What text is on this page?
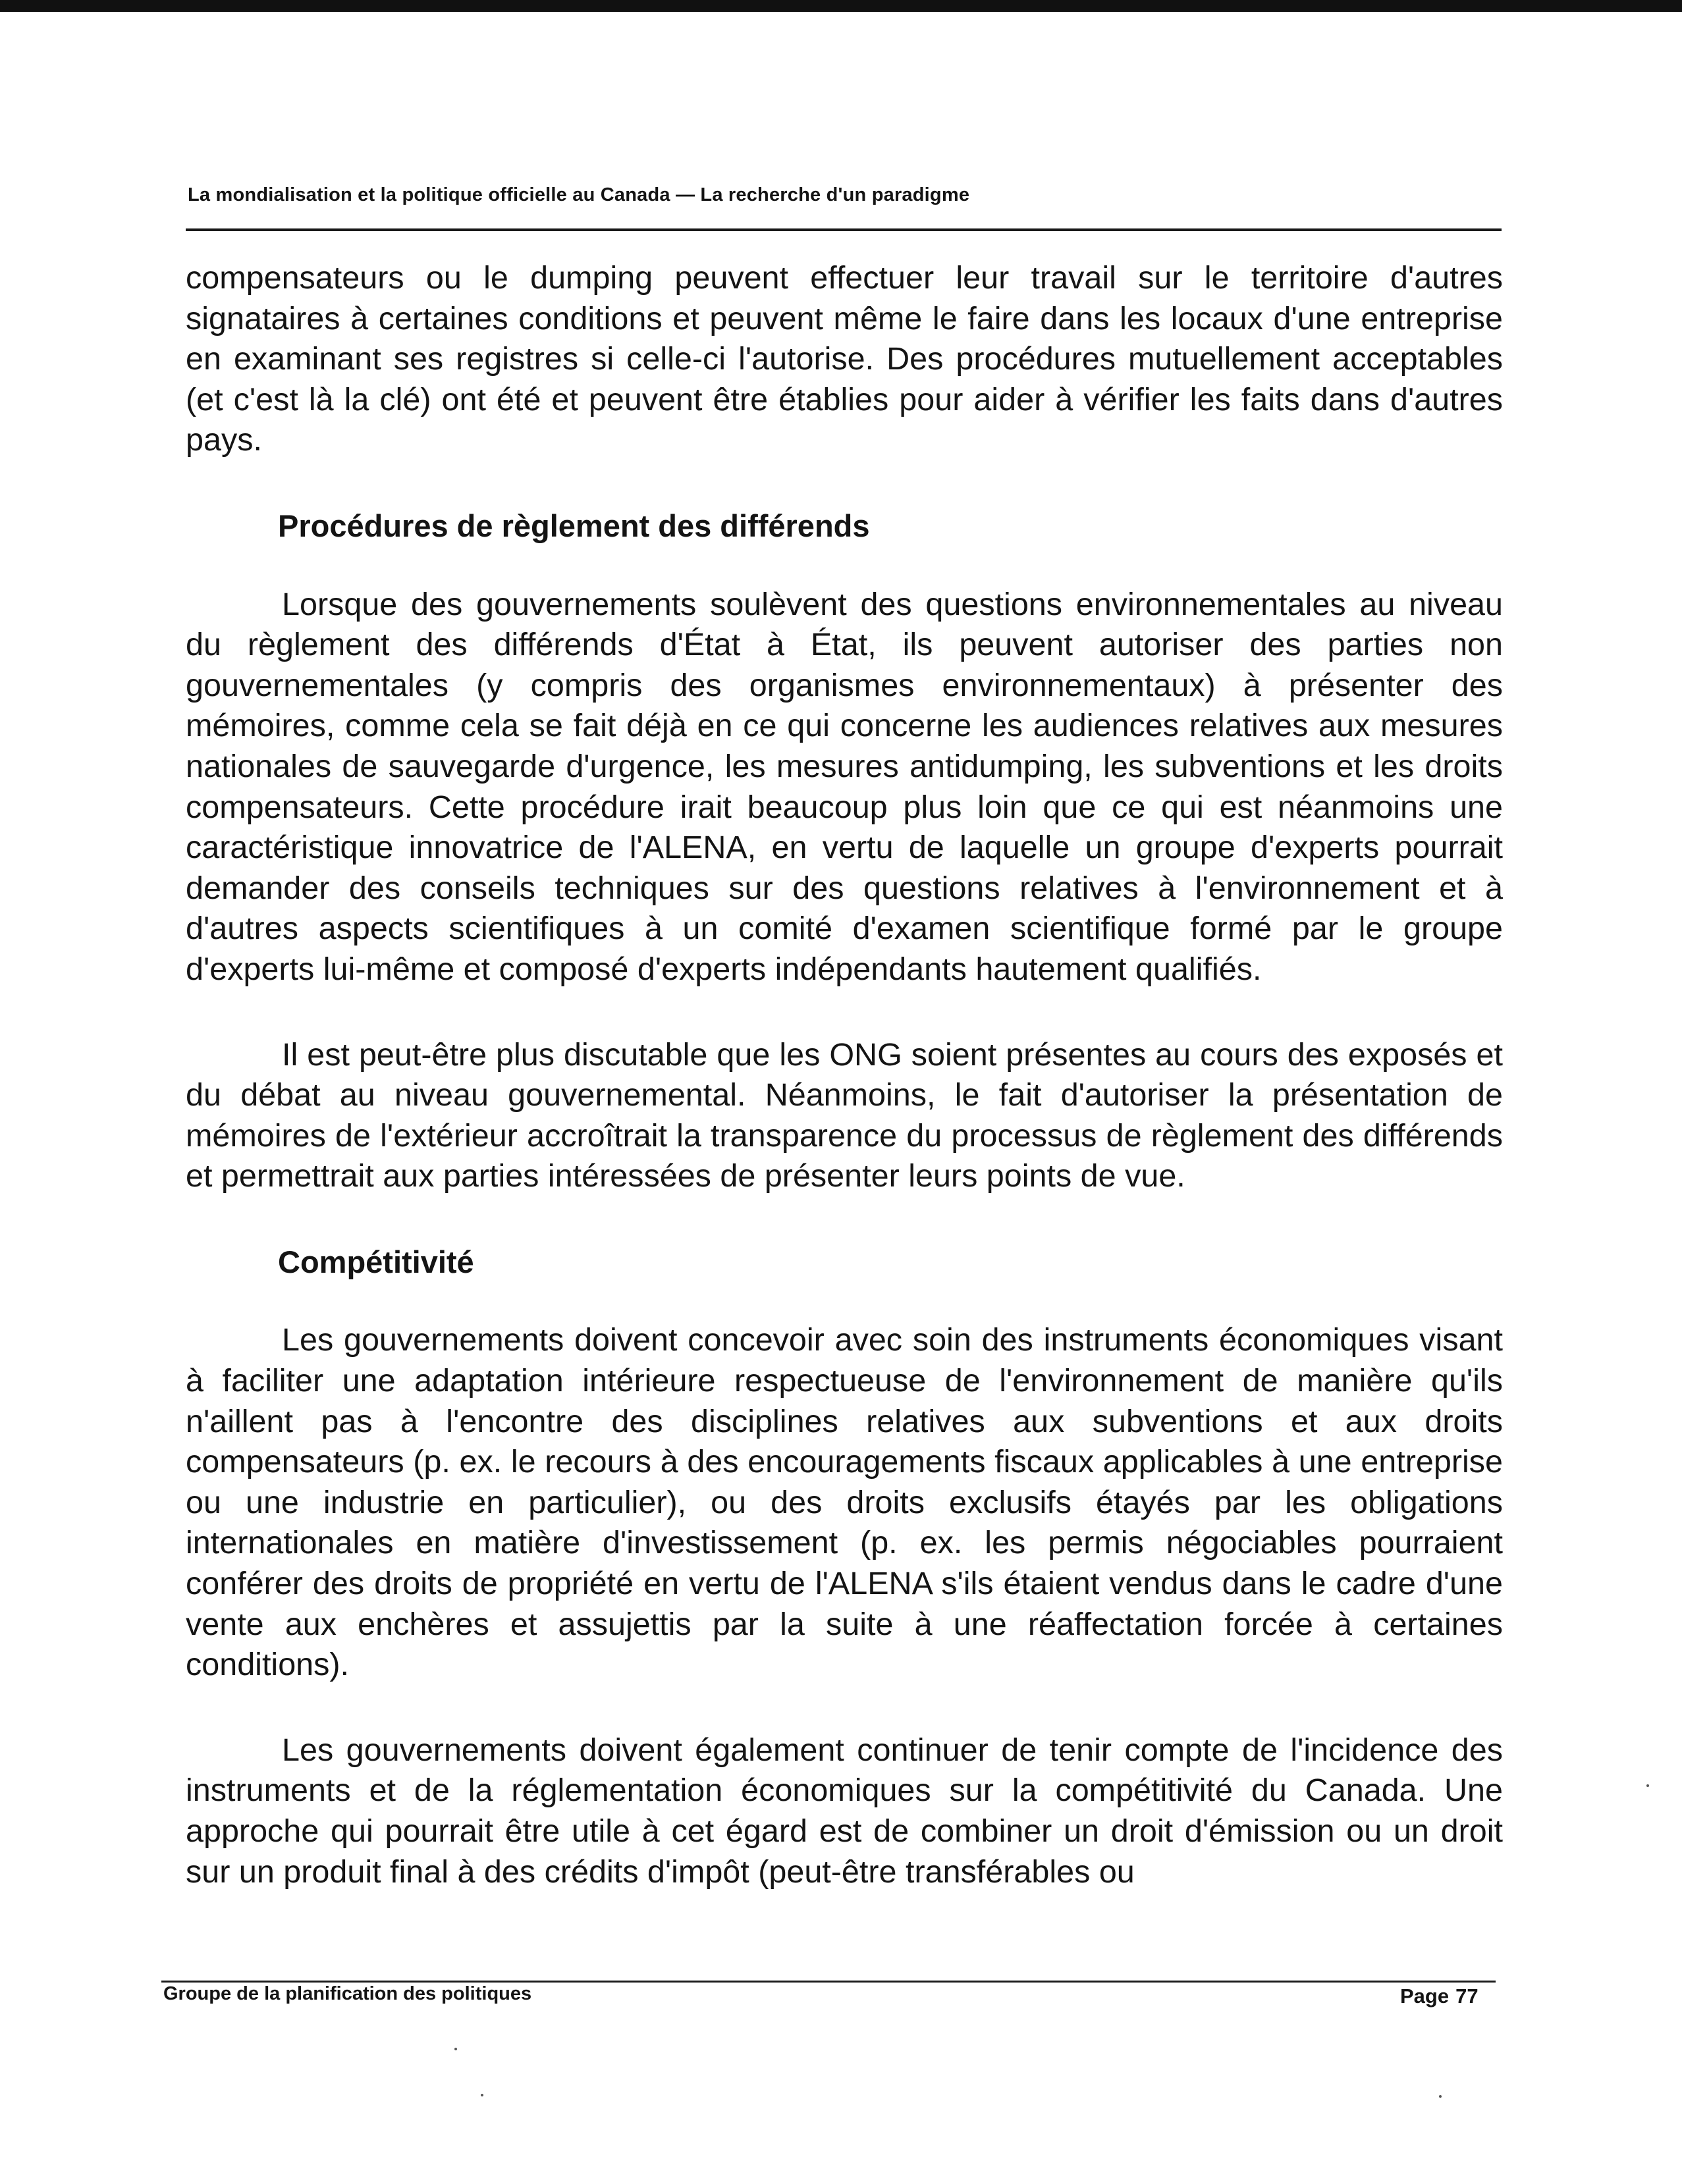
La mondialisation et la politique officielle au Canada — La recherche d'un paradigme

compensateurs ou le dumping peuvent effectuer leur travail sur le territoire d'autres signataires à certaines conditions et peuvent même le faire dans les locaux d'une entreprise en examinant ses registres si celle-ci l'autorise. Des procédures mutuellement acceptables (et c'est là la clé) ont été et peuvent être établies pour aider à vérifier les faits dans d'autres pays.

Procédures de règlement des différends

Lorsque des gouvernements soulèvent des questions environnementales au niveau du règlement des différends d'État à État, ils peuvent autoriser des parties non gouvernementales (y compris des organismes environnementaux) à présenter des mémoires, comme cela se fait déjà en ce qui concerne les audiences relatives aux mesures nationales de sauvegarde d'urgence, les mesures antidumping, les subventions et les droits compensateurs. Cette procédure irait beaucoup plus loin que ce qui est néanmoins une caractéristique innovatrice de l'ALENA, en vertu de laquelle un groupe d'experts pourrait demander des conseils techniques sur des questions relatives à l'environnement et à d'autres aspects scientifiques à un comité d'examen scientifique formé par le groupe d'experts lui-même et composé d'experts indépendants hautement qualifiés.

Il est peut-être plus discutable que les ONG soient présentes au cours des exposés et du débat au niveau gouvernemental. Néanmoins, le fait d'autoriser la présentation de mémoires de l'extérieur accroîtrait la transparence du processus de règlement des différends et permettrait aux parties intéressées de présenter leurs points de vue.

Compétitivité

Les gouvernements doivent concevoir avec soin des instruments économiques visant à faciliter une adaptation intérieure respectueuse de l'environnement de manière qu'ils n'aillent pas à l'encontre des disciplines relatives aux subventions et aux droits compensateurs (p. ex. le recours à des encouragements fiscaux applicables à une entreprise ou une industrie en particulier), ou des droits exclusifs étayés par les obligations internationales en matière d'investissement (p. ex. les permis négociables pourraient conférer des droits de propriété en vertu de l'ALENA s'ils étaient vendus dans le cadre d'une vente aux enchères et assujettis par la suite à une réaffectation forcée à certaines conditions).

Les gouvernements doivent également continuer de tenir compte de l'incidence des instruments et de la réglementation économiques sur la compétitivité du Canada. Une approche qui pourrait être utile à cet égard est de combiner un droit d'émission ou un droit sur un produit final à des crédits d'impôt (peut-être transférables ou

Groupe de la planification des politiques	Page 77
